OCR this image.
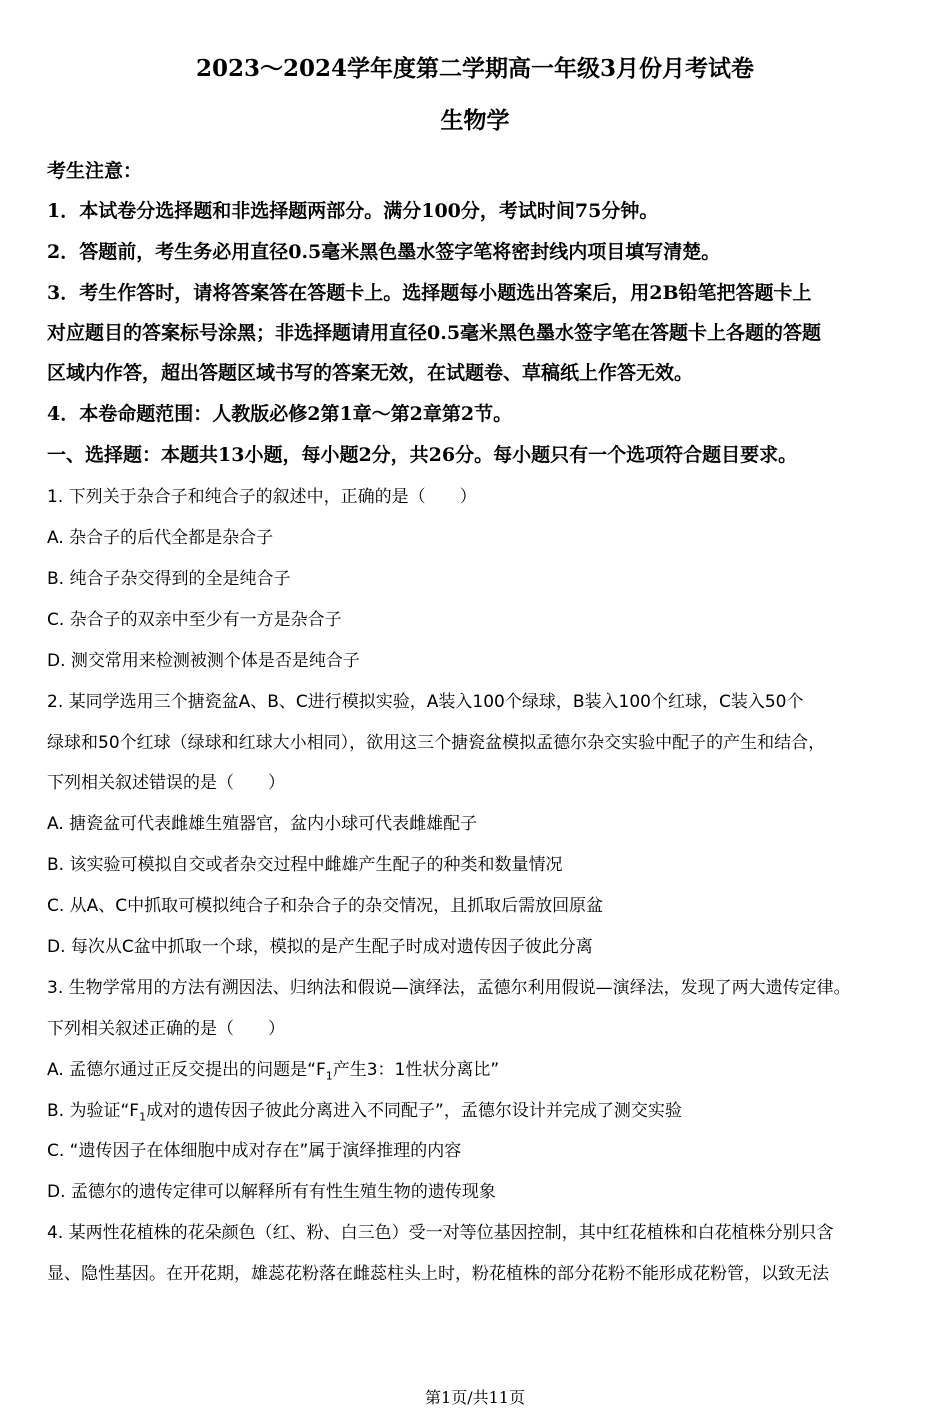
2023～2024学年度第二学期高一年级3月份月考试卷
生物学
考生注意：
1．本试卷分选择题和非选择题两部分。满分100分，考试时间75分钟。
2．答题前，考生务必用直径0.5毫米黑色墨水签字笔将密封线内项目填写清楚。
3．考生作答时，请将答案答在答题卡上。选择题每小题选出答案后，用2B铅笔把答题卡上
对应题目的答案标号涂黑；非选择题请用直径0.5毫米黑色墨水签字笔在答题卡上各题的答题
区域内作答，超出答题区域书写的答案无效，在试题卷、草稿纸上作答无效。
4．本卷命题范围：人教版必修2第1章～第2章第2节。
一、选择题：本题共13小题，每小题2分，共26分。每小题只有一个选项符合题目要求。
1. 下列关于杂合子和纯合子的叙述中，正确的是（　　）
A. 杂合子的后代全都是杂合子
B. 纯合子杂交得到的全是纯合子
C. 杂合子的双亲中至少有一方是杂合子
D. 测交常用来检测被测个体是否是纯合子
2. 某同学选用三个搪瓷盆A、B、C进行模拟实验，A装入100个绿球，B装入100个红球，C装入50个
绿球和50个红球（绿球和红球大小相同），欲用这三个搪瓷盆模拟孟德尔杂交实验中配子的产生和结合，
下列相关叙述错误的是（　　）
A. 搪瓷盆可代表雌雄生殖器官，盆内小球可代表雌雄配子
B. 该实验可模拟自交或者杂交过程中雌雄产生配子的种类和数量情况
C. 从A、C中抓取可模拟纯合子和杂合子的杂交情况，且抓取后需放回原盆
D. 每次从C盆中抓取一个球，模拟的是产生配子时成对遗传因子彼此分离
3. 生物学常用的方法有溯因法、归纳法和假说—演绎法，孟德尔利用假说—演绎法，发现了两大遗传定律。
下列相关叙述正确的是（　　）
A. 孟德尔通过正反交提出的问题是“$F_1$产生3：1性状分离比”
B. 为验证“$F_1$成对的遗传因子彼此分离进入不同配子”，孟德尔设计并完成了测交实验
C. “遗传因子在体细胞中成对存在”属于演绎推理的内容
D. 孟德尔的遗传定律可以解释所有有性生殖生物的遗传现象
4. 某两性花植株的花朵颜色（红、粉、白三色）受一对等位基因控制，其中红花植株和白花植株分别只含
显、隐性基因。在开花期，雄蕊花粉落在雌蕊柱头上时，粉花植株的部分花粉不能形成花粉管，以致无法
第1页/共11页
